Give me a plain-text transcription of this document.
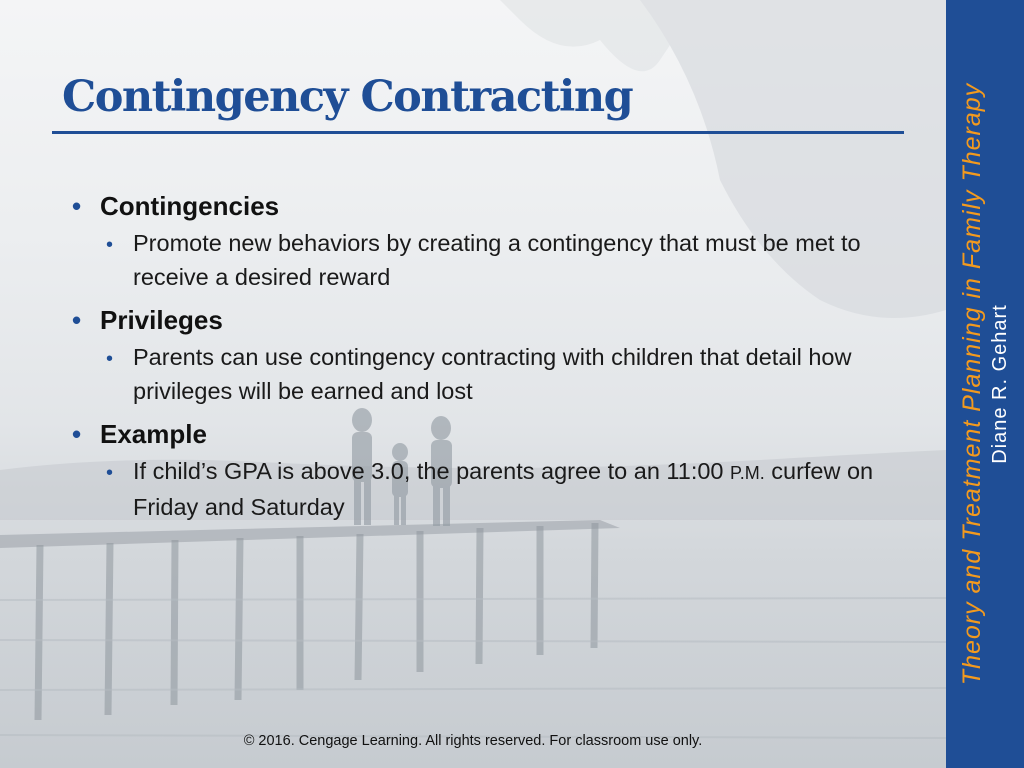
Theory and Treatment Planning in Family Therapy Diane R. Gehart
Contingency Contracting
• Contingencies
• Promote new behaviors by creating a contingency that must be met to receive a desired reward
• Privileges
• Parents can use contingency contracting with children that detail how privileges will be earned and lost
• Example
• If child’s GPA is above 3.0, the parents agree to an 11:00 P.M. curfew on Friday and Saturday
© 2016. Cengage Learning. All rights reserved. For classroom use only.
